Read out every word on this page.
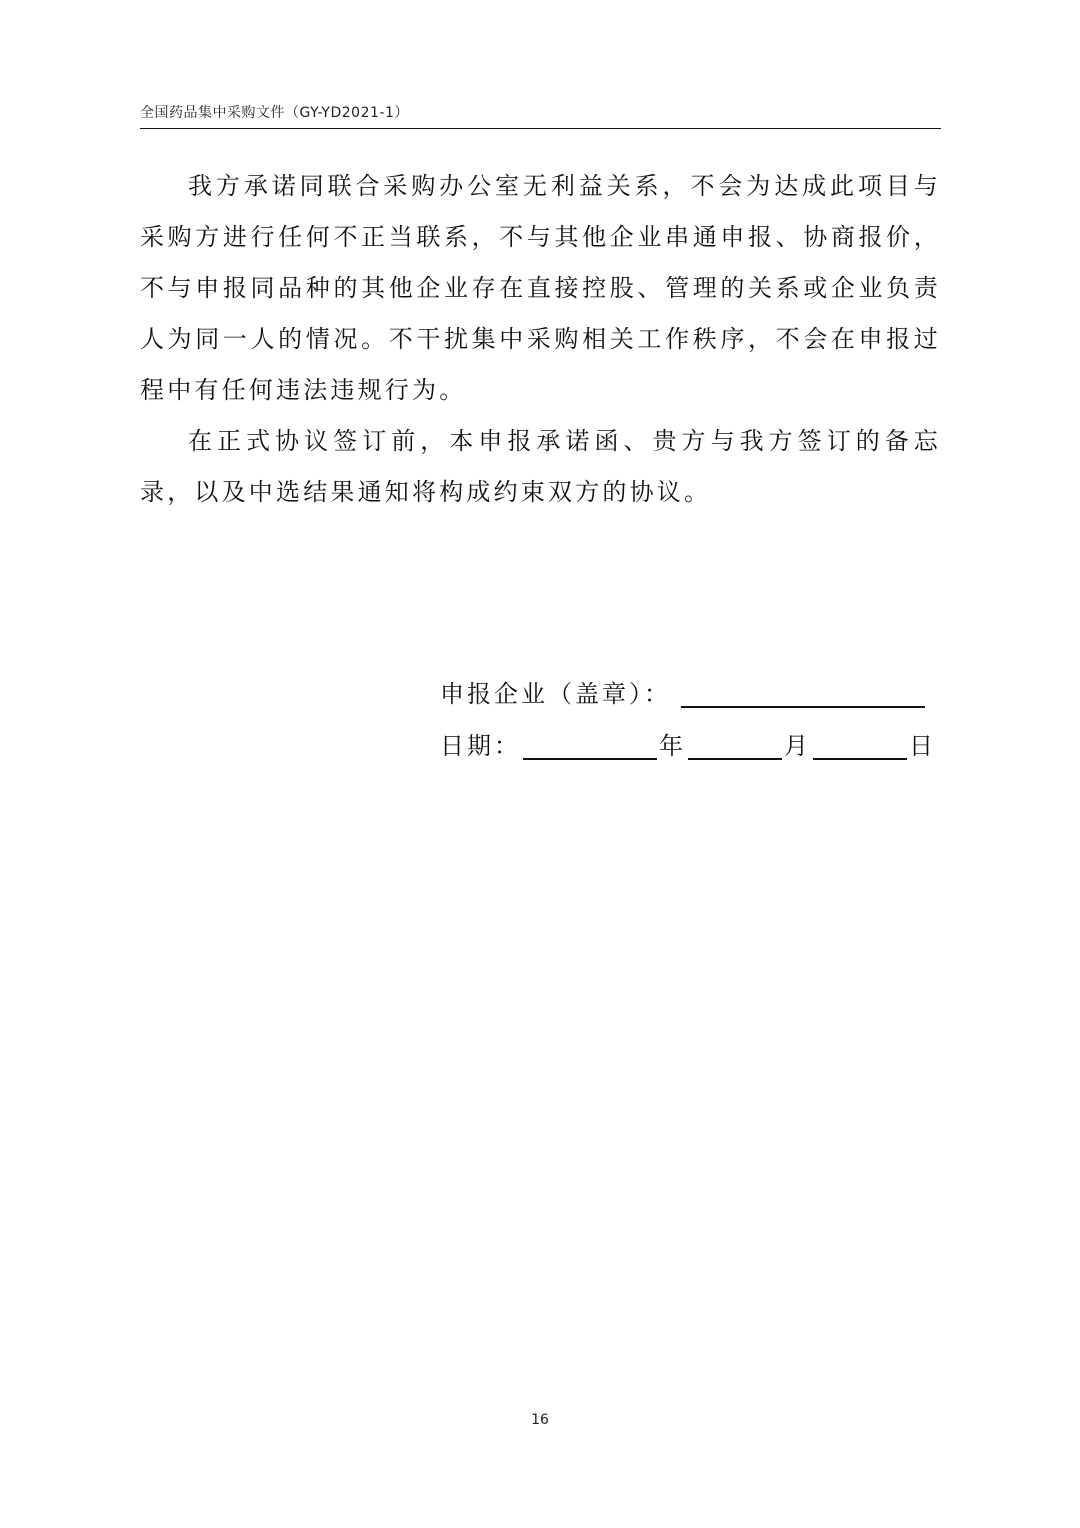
全国药品集中采购文件（GY-YD2021-1）

我方承诺同联合采购办公室无利益关系，不会为达成此项目与采购方进行任何不正当联系，不与其他企业串通申报、协商报价，不与申报同品种的其他企业存在直接控股、管理的关系或企业负责人为同一人的情况。不干扰集中采购相关工作秩序，不会在申报过程中有任何违法违规行为。

在正式协议签订前，本申报承诺函、贵方与我方签订的备忘录，以及中选结果通知将构成约束双方的协议。

申报企业（盖章）：
日期：	年	月	日
16
